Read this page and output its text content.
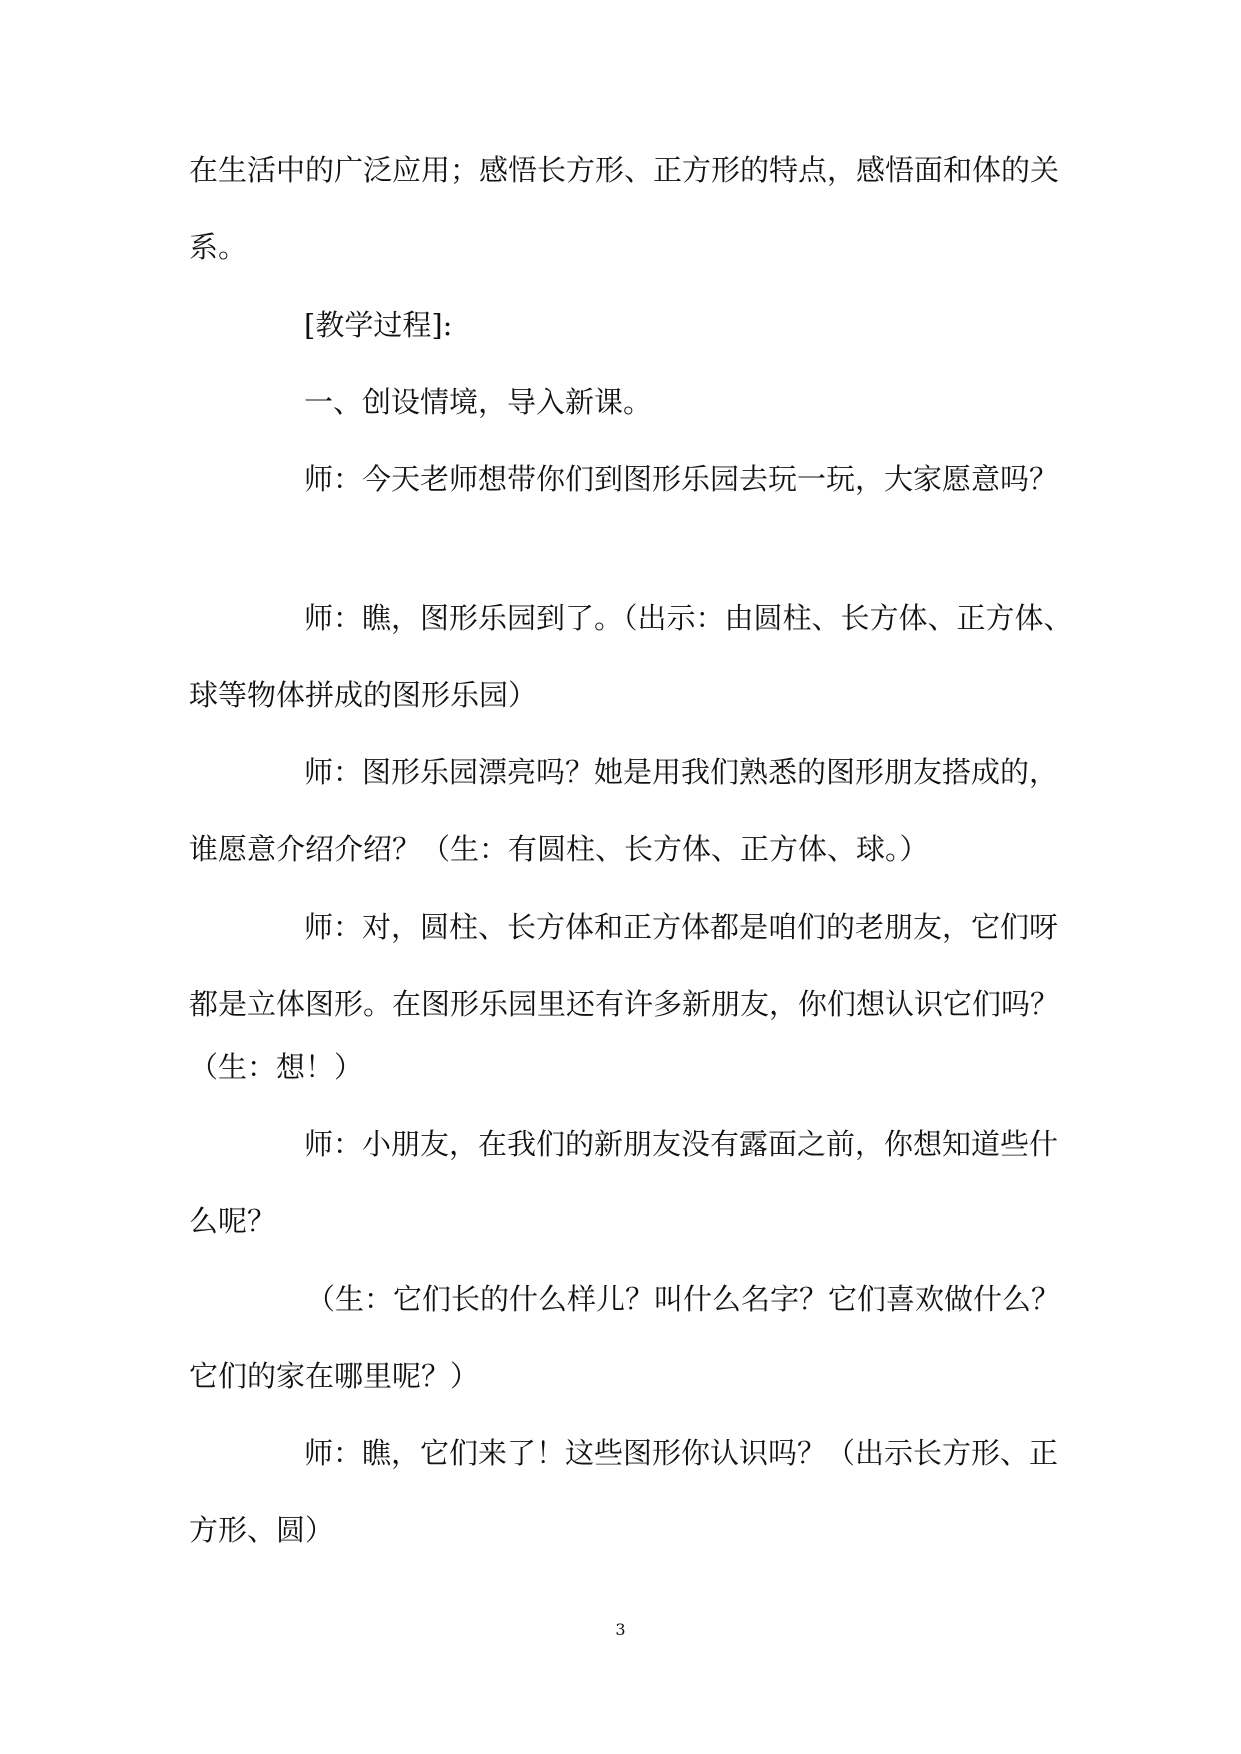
在生活中的广泛应用；感悟长方形、正方形的特点，感悟面和体的关
系。
[教学过程]:
一、创设情境，导入新课。
师：今天老师想带你们到图形乐园去玩一玩，大家愿意吗？
师：瞧，图形乐园到了。（出示：由圆柱、长方体、正方体、
球等物体拼成的图形乐园）
师：图形乐园漂亮吗？她是用我们熟悉的图形朋友搭成的，
谁愿意介绍介绍？（生：有圆柱、长方体、正方体、球。）
师：对，圆柱、长方体和正方体都是咱们的老朋友，它们呀
都是立体图形。在图形乐园里还有许多新朋友，你们想认识它们吗？
（生：想！）
师：小朋友，在我们的新朋友没有露面之前，你想知道些什
么呢？
（生：它们长的什么样儿？叫什么名字？它们喜欢做什么？
它们的家在哪里呢？）
师：瞧，它们来了！这些图形你认识吗？（出示长方形、正
方形、圆）
3
